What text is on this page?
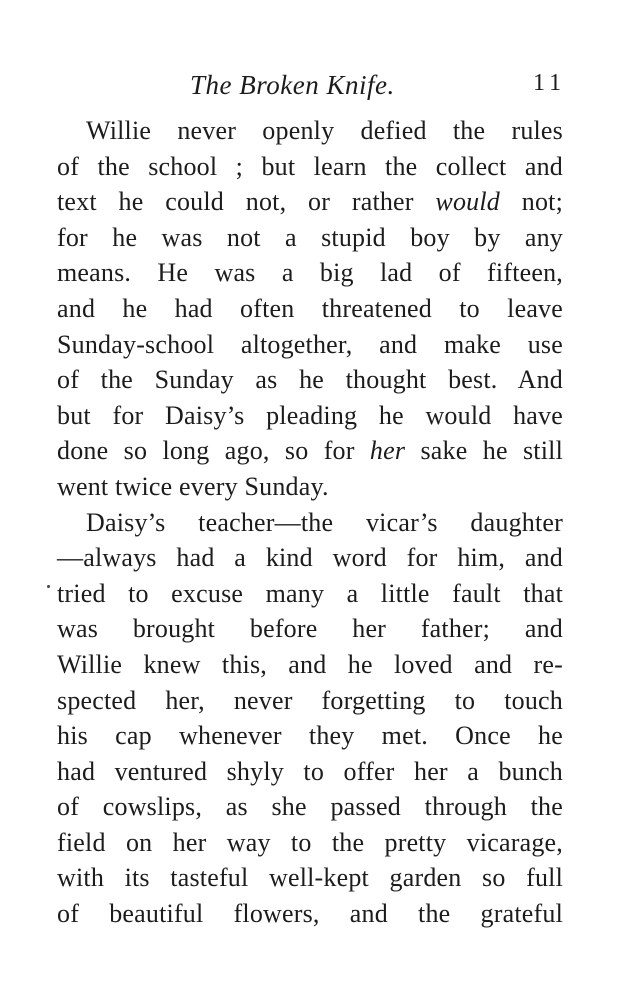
The Broken Knife.	11
Willie never openly defied the rules
of the school ; but learn the collect and
text he could not, or rather would not;
for he was not a stupid boy by any
means. He was a big lad of fifteen,
and he had often threatened to leave
Sunday-school altogether, and make use
of the Sunday as he thought best. And
but for Daisy’s pleading he would have
done so long ago, so for her sake he still
went twice every Sunday.
Daisy’s teacher—the vicar’s daughter
—always had a kind word for him, and
tried to excuse many a little fault that
was brought before her father; and
Willie knew this, and he loved and re-
spected her, never forgetting to touch
his cap whenever they met. Once he
had ventured shyly to offer her a bunch
of cowslips, as she passed through the
field on her way to the pretty vicarage,
with its tasteful well-kept garden so full
of beautiful flowers, and the grateful
